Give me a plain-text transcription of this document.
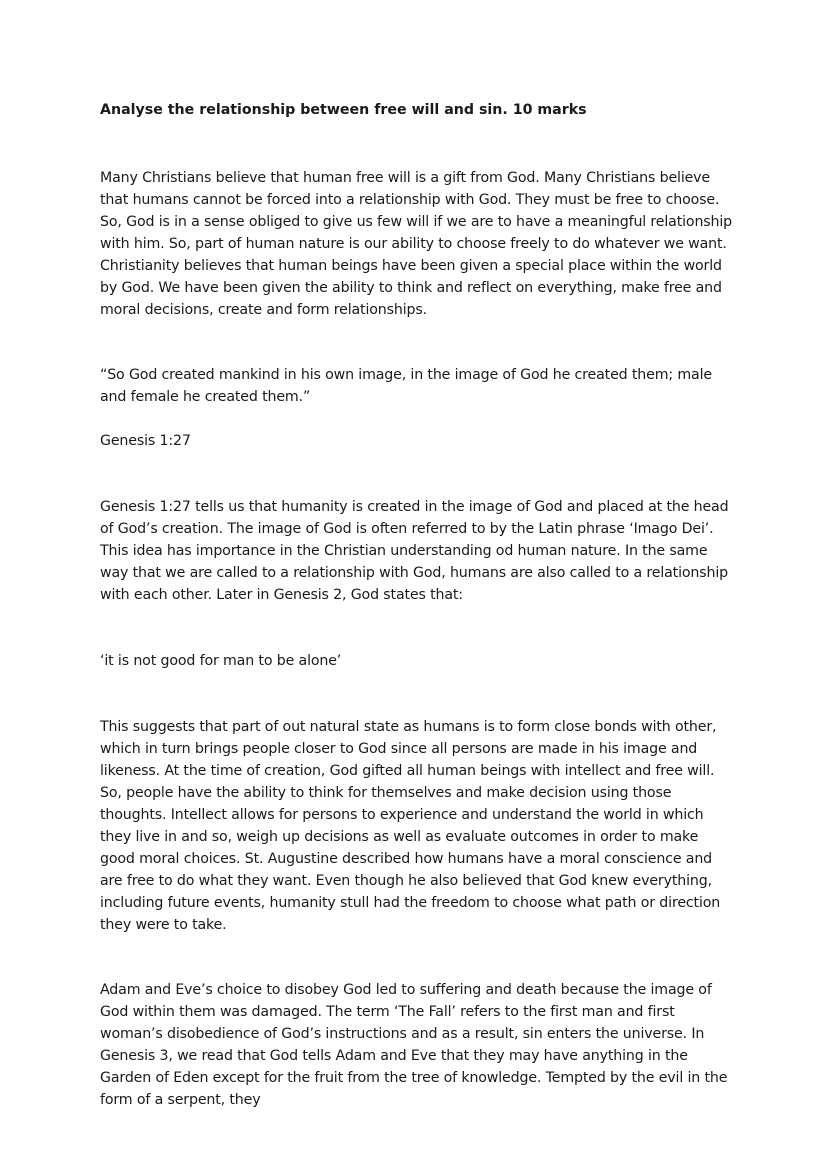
Analyse the relationship between free will and sin. 10 marks

Many Christians believe that human free will is a gift from God. Many Christians believe that humans cannot be forced into a relationship with God. They must be free to choose. So, God is in a sense obliged to give us few will if we are to have a meaningful relationship with him. So, part of human nature is our ability to choose freely to do whatever we want. Christianity believes that human beings have been given a special place within the world by God. We have been given the ability to think and reflect on everything, make free and moral decisions, create and form relationships.

“So God created mankind in his own image, in the image of God he created them; male and female he created them.”

Genesis 1:27

Genesis 1:27 tells us that humanity is created in the image of God and placed at the head of God’s creation. The image of God is often referred to by the Latin phrase ‘Imago Dei’. This idea has importance in the Christian understanding od human nature. In the same way that we are called to a relationship with God, humans are also called to a relationship with each other. Later in Genesis 2, God states that:

‘it is not good for man to be alone’

This suggests that part of out natural state as humans is to form close bonds with other, which in turn brings people closer to God since all persons are made in his image and likeness. At the time of creation, God gifted all human beings with intellect and free will. So, people have the ability to think for themselves and make decision using those thoughts. Intellect allows for persons to experience and understand the world in which they live in and so, weigh up decisions as well as evaluate outcomes in order to make good moral choices. St. Augustine described how humans have a moral conscience and are free to do what they want. Even though he also believed that God knew everything, including future events, humanity stull had the freedom to choose what path or direction they were to take.

Adam and Eve’s choice to disobey God led to suffering and death because the image of God within them was damaged. The term ‘The Fall’ refers to the first man and first woman’s disobedience of God’s instructions and as a result, sin enters the universe. In Genesis 3, we read that God tells Adam and Eve that they may have anything in the Garden of Eden except for the fruit from the tree of knowledge. Tempted by the evil in the form of a serpent, they
